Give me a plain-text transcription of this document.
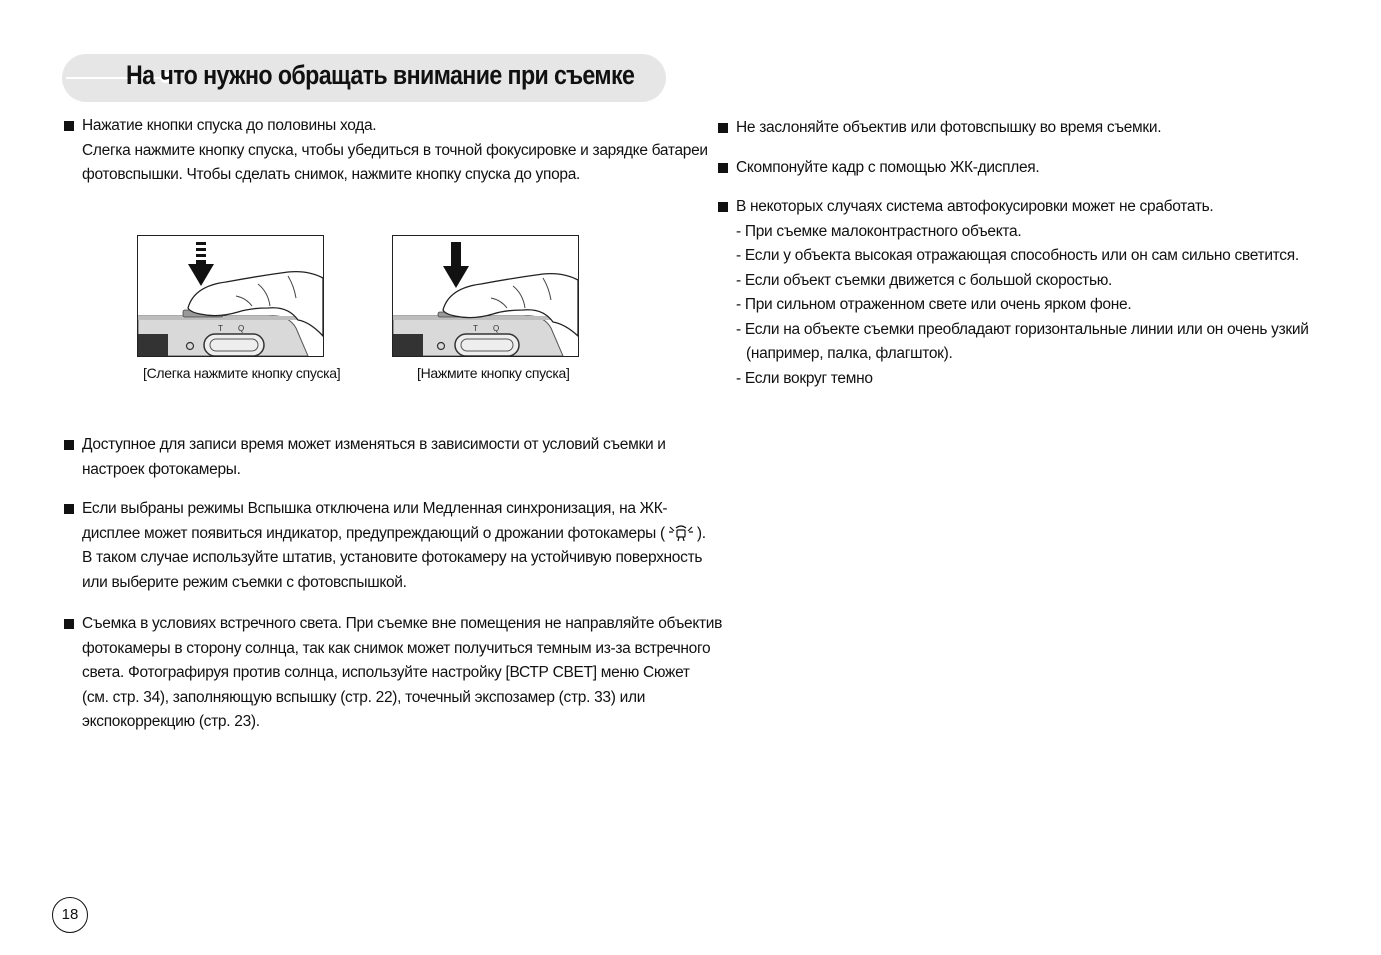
На что нужно обращать внимание при съемке
Нажатие кнопки спуска до половины хода.
Слегка нажмите кнопку спуска, чтобы убедиться в точной фокусировке и зарядке батареи
фотовспышки. Чтобы сделать снимок, нажмите кнопку спуска до упора.
T Q
[Слегка нажмите кнопку спуска]
T Q
[Нажмите кнопку спуска]
Доступное для записи время может изменяться в зависимости от условий съемки и
настроек фотокамеры.
Если выбраны режимы Вспышка отключена или Медленная синхронизация, на ЖК-
дисплее может появиться индикатор, предупреждающий о дрожании фотокамеры ( ).
В таком случае используйте штатив, установите фотокамеру на устойчивую поверхность
или выберите режим съемки с фотовспышкой.
Съемка в условиях встречного света. При съемке вне помещения не направляйте объектив
фотокамеры в сторону солнца, так как снимок может получиться темным из-за встречного
света. Фотографируя против солнца, используйте настройку [ВСТР СВЕТ] меню Сюжет
(см. стр. 34), заполняющую вспышку (стр. 22), точечный экспозамер (стр. 33) или
экспокоррекцию (стр. 23).
Не заслоняйте объектив или фотовспышку во время съемки.
Скомпонуйте кадр с помощью ЖК-дисплея.
В некоторых случаях система автофокусировки может не сработать.
- При съемке малоконтрастного объекта.
- Если у объекта высокая отражающая способность или он сам сильно светится.
- Если объект съемки движется с большой скоростью.
- При сильном отраженном свете или очень ярком фоне.
- Если на объекте съемки преобладают горизонтальные линии или он очень узкий
(например, палка, флагшток).
- Если вокруг темно
18
